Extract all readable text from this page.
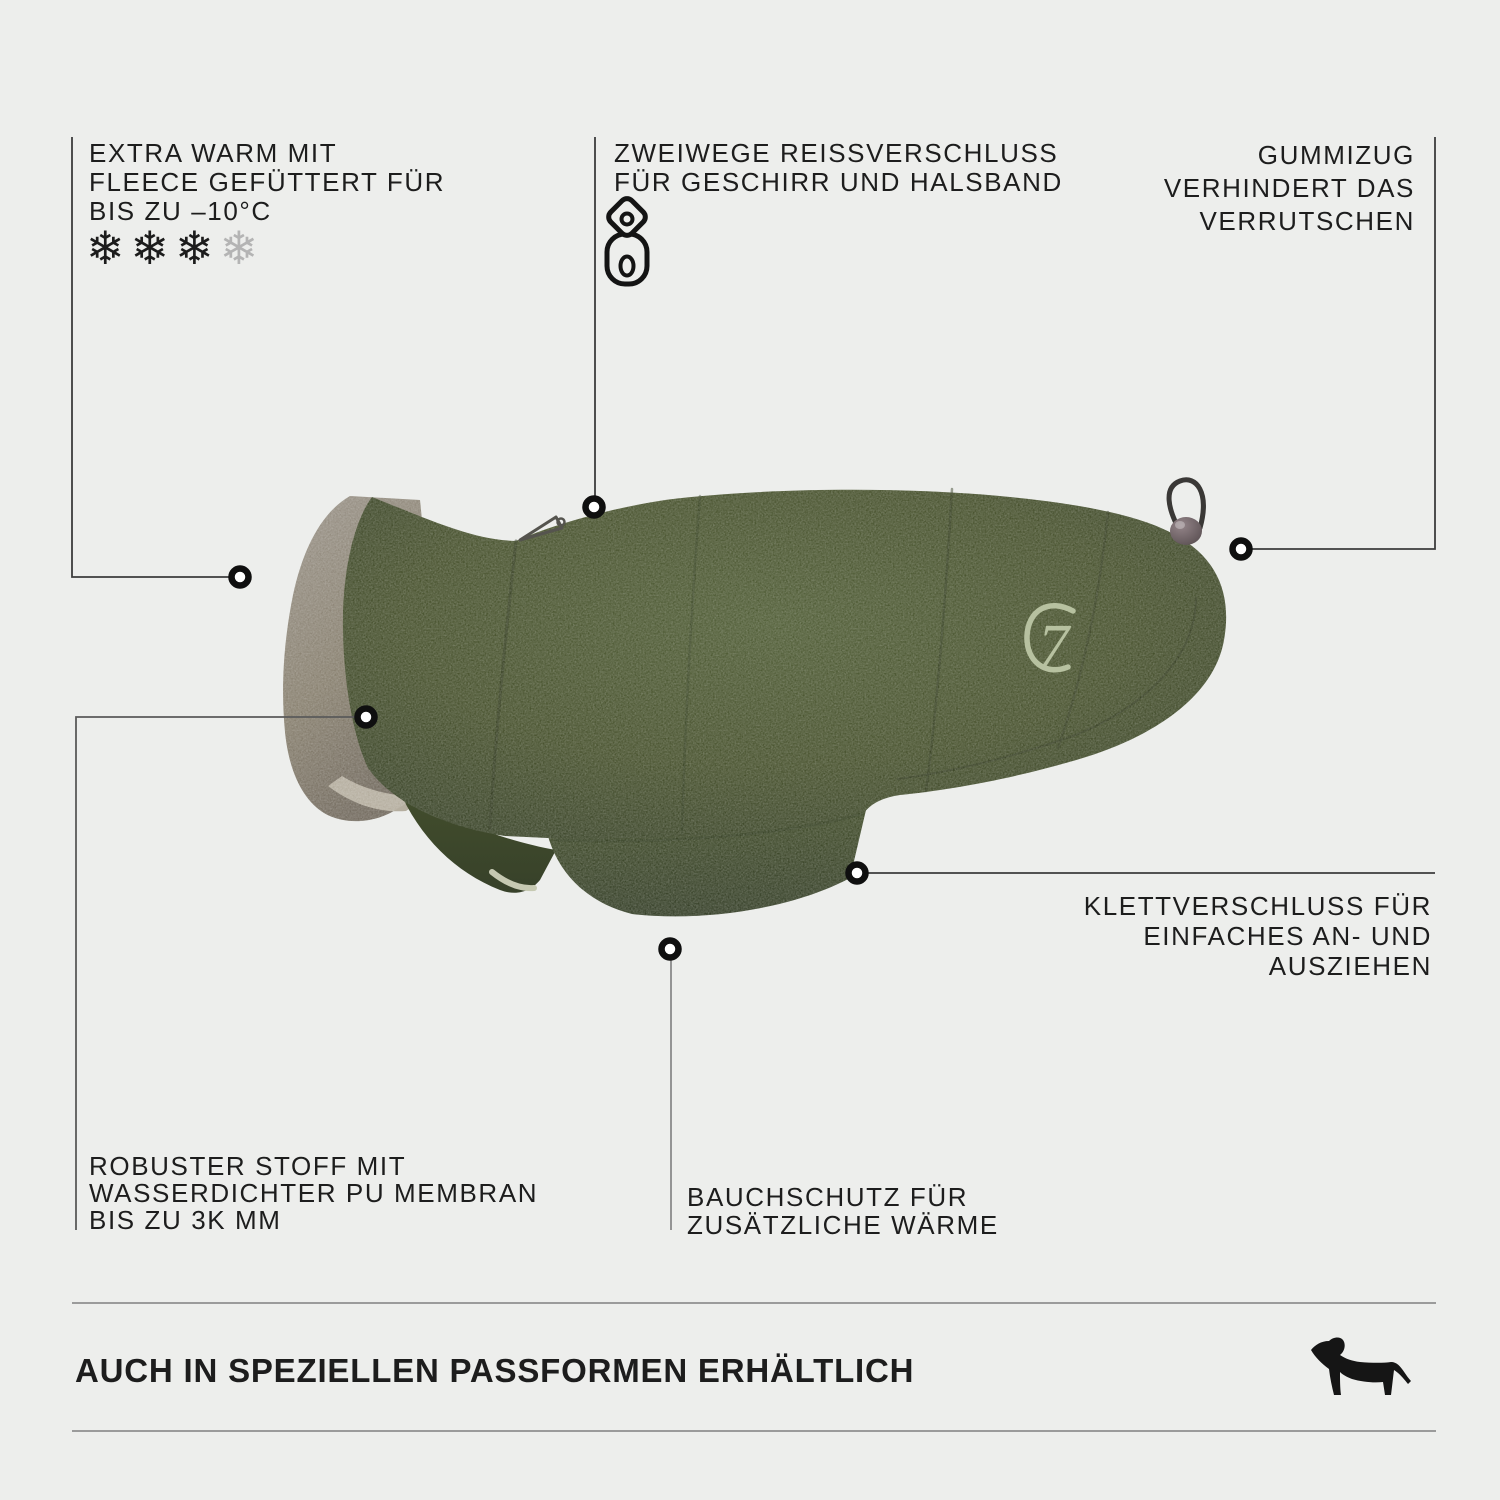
7
EXTRA WARM MIT
FLEECE GEFÜTTERT FÜR
BIS ZU –10°C
❄❄❄❄
ZWEIWEGE REISSVERSCHLUSS
FÜR GESCHIRR UND HALSBAND
GUMMIZUG
VERHINDERT DAS
VERRUTSCHEN
KLETTVERSCHLUSS FÜR
EINFACHES AN- UND
AUSZIEHEN
ROBUSTER STOFF MIT
WASSERDICHTER PU MEMBRAN
BIS ZU 3K MM
BAUCHSCHUTZ FÜR
ZUSÄTZLICHE WÄRME
AUCH IN SPEZIELLEN PASSFORMEN ERHÄLTLICH
